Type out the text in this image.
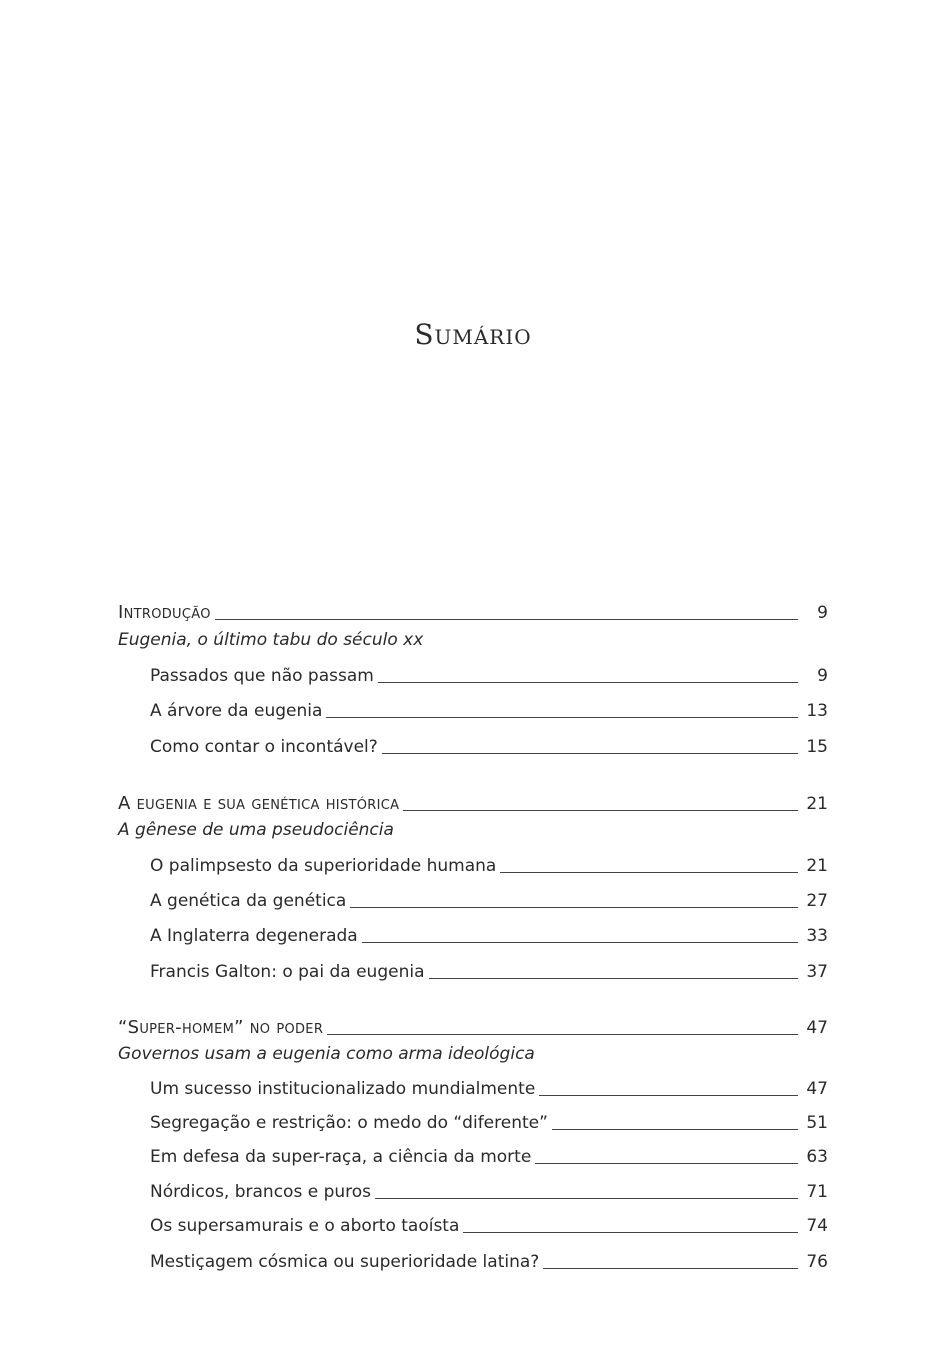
Sumário
Introdução	9
Eugenia, o último tabu do século xx
Passados que não passam	9
A árvore da eugenia	13
Como contar o incontável?	15
A eugenia e sua genética histórica	21
A gênese de uma pseudociência
O palimpsesto da superioridade humana	21
A genética da genética	27
A Inglaterra degenerada	33
Francis Galton: o pai da eugenia	37
“Super-homem” no poder	47
Governos usam a eugenia como arma ideológica
Um sucesso institucionalizado mundialmente	47
Segregação e restrição: o medo do “diferente”	51
Em defesa da super-raça, a ciência da morte	63
Nórdicos, brancos e puros	71
Os supersamurais e o aborto taoísta	74
Mestiçagem cósmica ou superioridade latina?	76
